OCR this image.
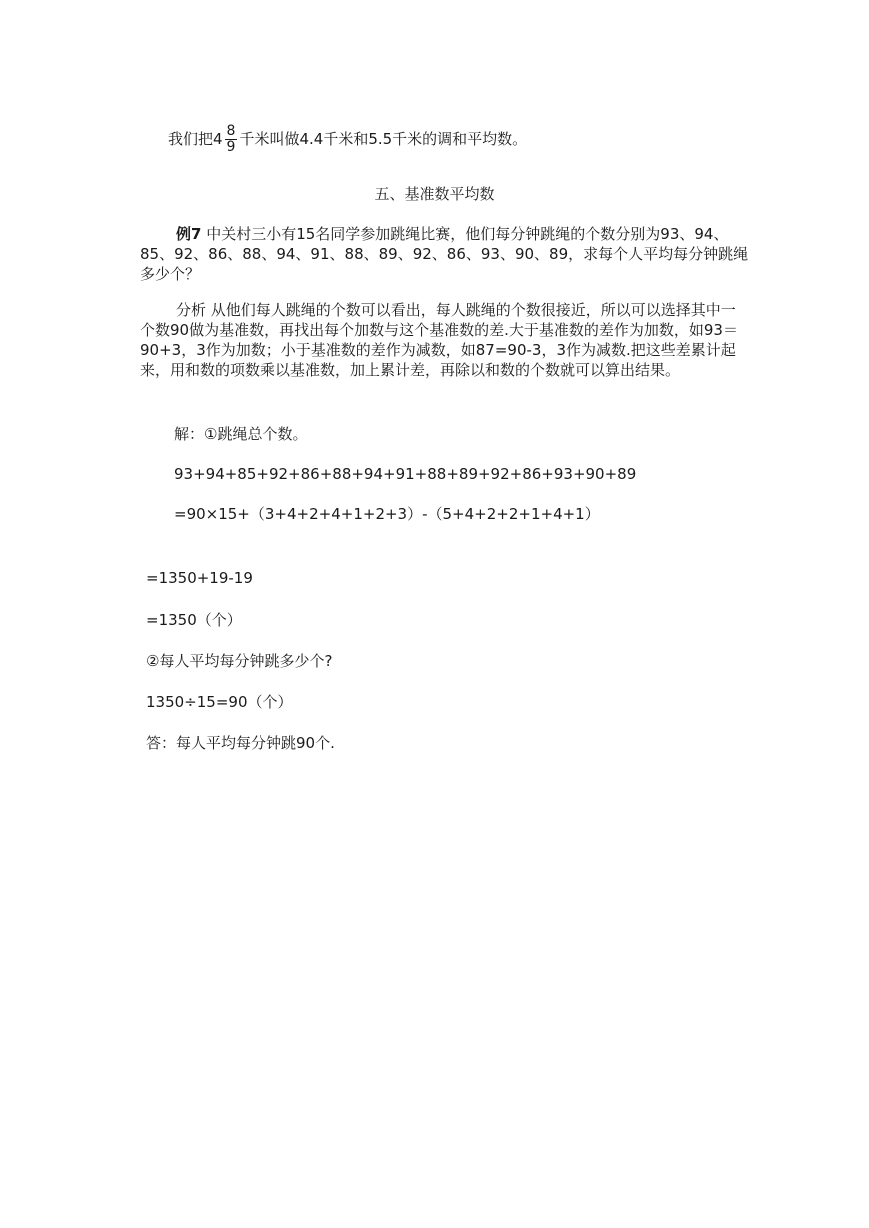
我们把$4 \frac{8}{9}$ 千米叫做4.4千米和5.5千米的调和平均数。
五、基准数平均数
例7 中关村三小有15名同学参加跳绳比赛，他们每分钟跳绳的个数分别为93、94、85、92、86、88、94、91、88、89、92、86、93、90、89，求每个人平均每分钟跳绳多少个？
分析 从他们每人跳绳的个数可以看出，每人跳绳的个数很接近，所以可以选择其中一个数90做为基准数，再找出每个加数与这个基准数的差.大于基准数的差作为加数，如93＝90+3，3作为加数；小于基准数的差作为减数，如87=90-3，3作为减数.把这些差累计起来，用和数的项数乘以基准数，加上累计差，再除以和数的个数就可以算出结果。
解：①跳绳总个数。
93+94+85+92+86+88+94+91+88+89+92+86+93+90+89
=90×15+（3+4+2+4+1+2+3）-（5+4+2+2+1+4+1）
=1350+19-19
=1350（个）
②每人平均每分钟跳多少个?
1350÷15=90（个）
答：每人平均每分钟跳90个.
